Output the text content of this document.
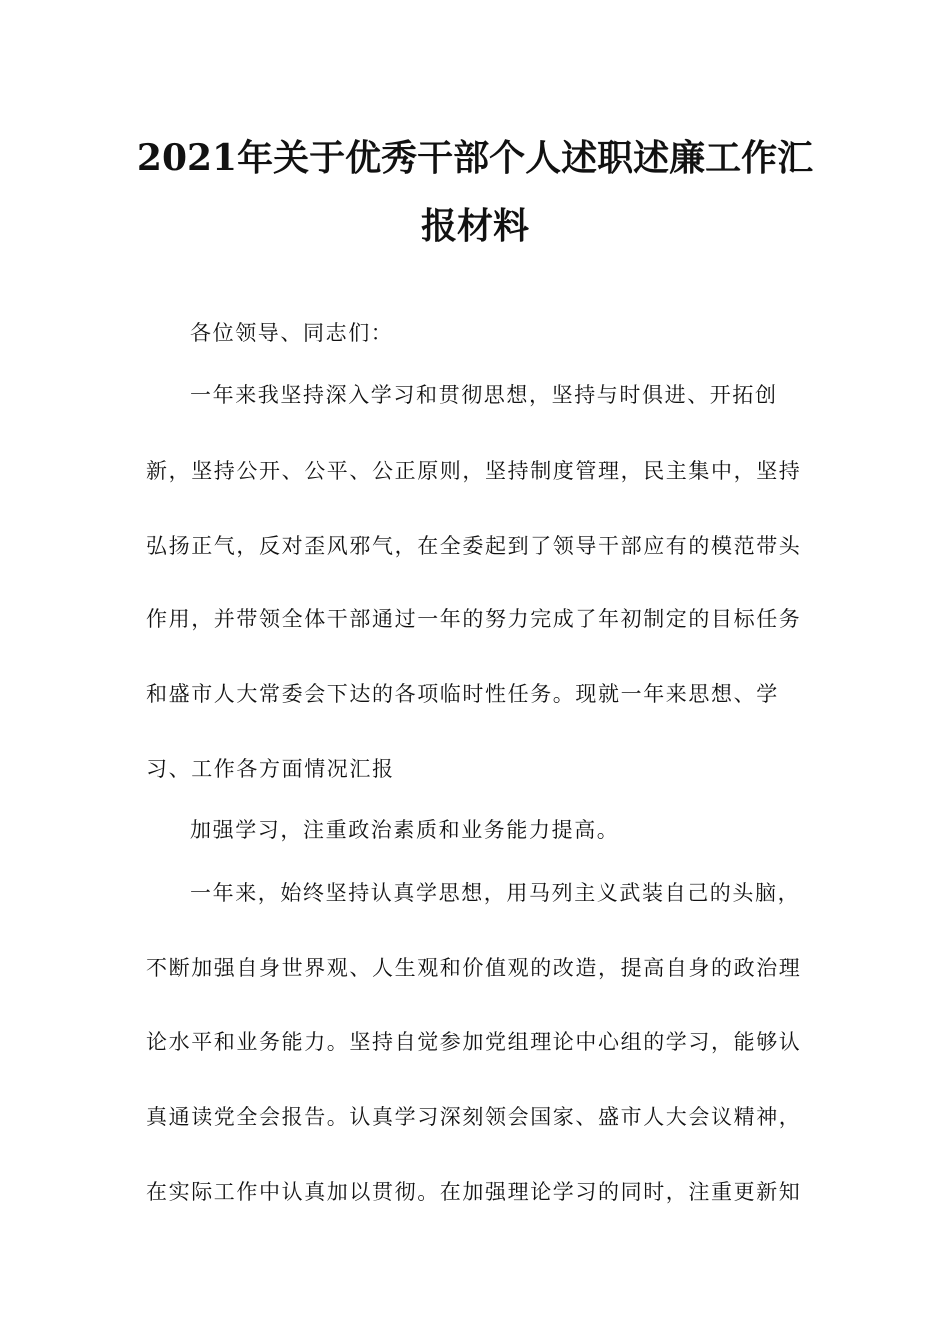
2021年关于优秀干部个人述职述廉工作汇
报材料
各位领导、同志们：
一年来我坚持深入学习和贯彻思想，坚持与时俱进、开拓创
新，坚持公开、公平、公正原则，坚持制度管理，民主集中，坚持
弘扬正气，反对歪风邪气，在全委起到了领导干部应有的模范带头
作用，并带领全体干部通过一年的努力完成了年初制定的目标任务
和盛市人大常委会下达的各项临时性任务。现就一年来思想、学
习、工作各方面情况汇报
加强学习，注重政治素质和业务能力提高。
一年来，始终坚持认真学思想，用马列主义武装自己的头脑，
不断加强自身世界观、人生观和价值观的改造，提高自身的政治理
论水平和业务能力。坚持自觉参加党组理论中心组的学习，能够认
真通读党全会报告。认真学习深刻领会国家、盛市人大会议精神，
在实际工作中认真加以贯彻。在加强理论学习的同时，注重更新知
